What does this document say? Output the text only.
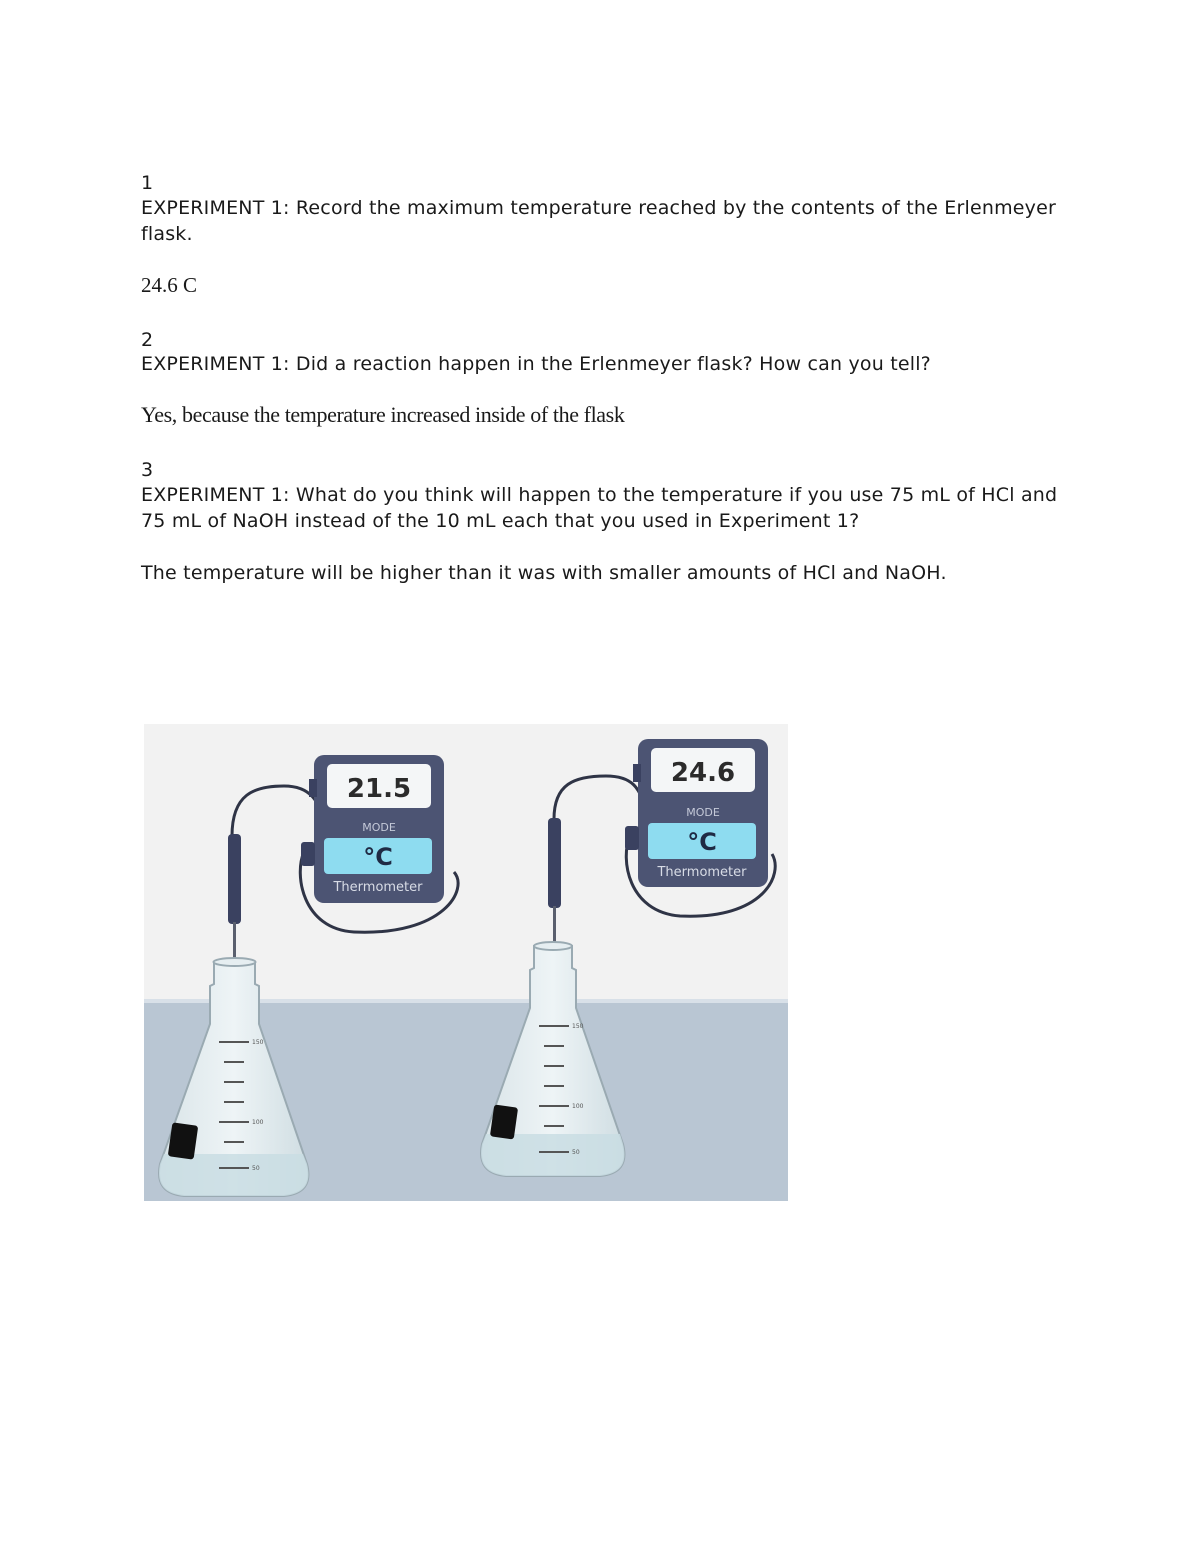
1
EXPERIMENT 1: Record the maximum temperature reached by the contents of the Erlenmeyer flask.
24.6 C
2
EXPERIMENT 1: Did a reaction happen in the Erlenmeyer flask? How can you tell?
Yes, because the temperature increased inside of the flask
3
EXPERIMENT 1: What do you think will happen to the temperature if you use 75 mL of HCl and 75 mL of NaOH instead of the 10 mL each that you used in Experiment 1?
The temperature will be higher than it was with smaller amounts of HCl and NaOH.
21.5
MODE
°C
Thermometer
150
100
50
24.6
MODE
°C
Thermometer
150
100
50
